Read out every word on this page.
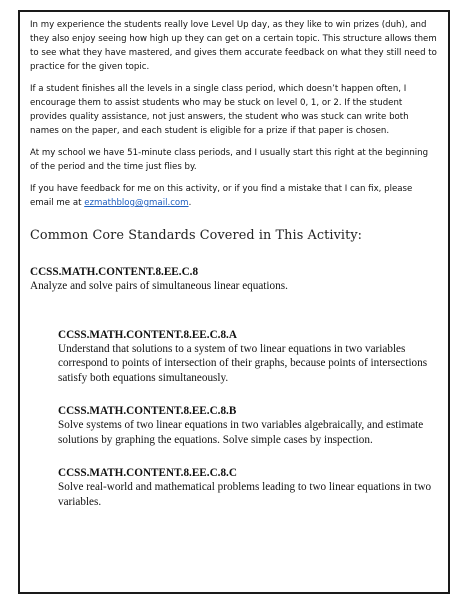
In my experience the students really love Level Up day, as they like to win prizes (duh), and they also enjoy seeing how high up they can get on a certain topic. This structure allows them to see what they have mastered, and gives them accurate feedback on what they still need to practice for the given topic.

If a student finishes all the levels in a single class period, which doesn’t happen often, I encourage them to assist students who may be stuck on level 0, 1, or 2. If the student provides quality assistance, not just answers, the student who was stuck can write both names on the paper, and each student is eligible for a prize if that paper is chosen.

At my school we have 51-minute class periods, and I usually start this right at the beginning of the period and the time just flies by.

If you have feedback for me on this activity, or if you find a mistake that I can fix, please email me at ezmathblog@gmail.com.

Common Core Standards Covered in This Activity:

CCSS.MATH.CONTENT.8.EE.C.8

Analyze and solve pairs of simultaneous linear equations.

CCSS.MATH.CONTENT.8.EE.C.8.A

Understand that solutions to a system of two linear equations in two variables correspond to points of intersection of their graphs, because points of intersections satisfy both equations simultaneously.

CCSS.MATH.CONTENT.8.EE.C.8.B

Solve systems of two linear equations in two variables algebraically, and estimate solutions by graphing the equations. Solve simple cases by inspection.

CCSS.MATH.CONTENT.8.EE.C.8.C

Solve real-world and mathematical problems leading to two linear equations in two variables.
